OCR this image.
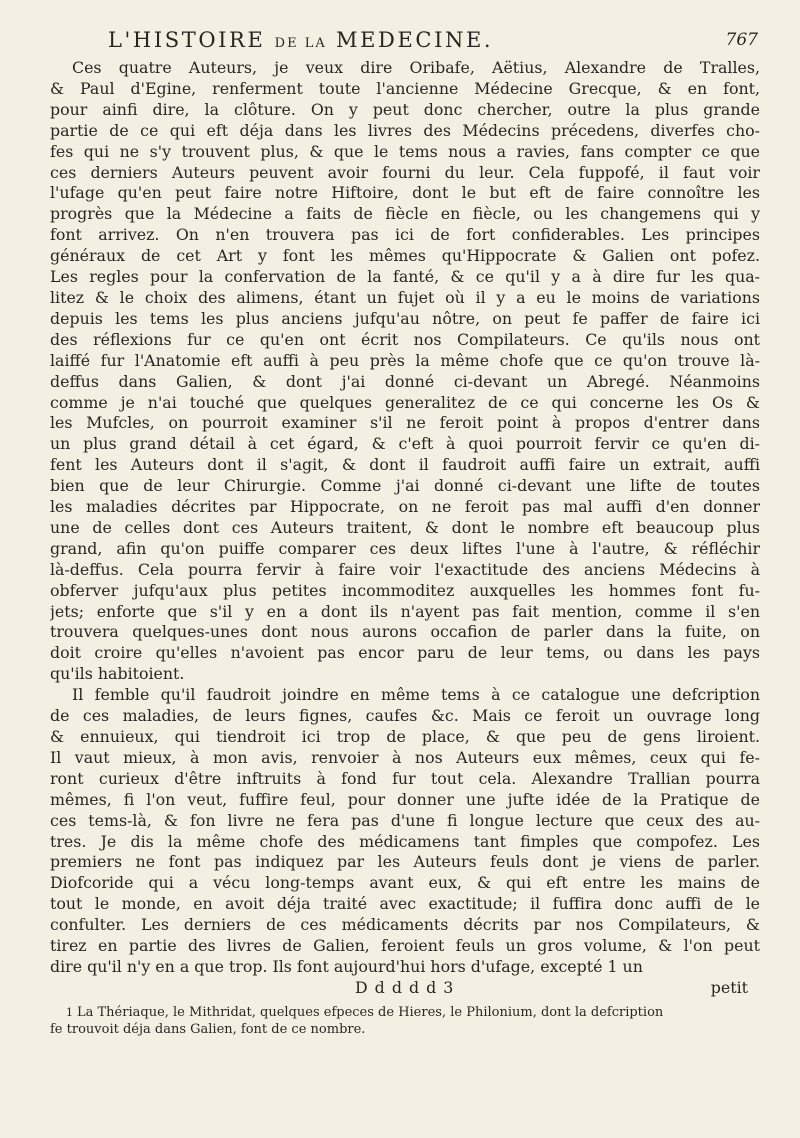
L'HISTOIRE DE LA MEDECINE.	767
Ces quatre Auteurs, je veux dire Oribafe, Aëtius, Alexandre de Tralles,
& Paul d'Egine, renferment toute l'ancienne Médecine Grecque, & en font,
pour ainfi dire, la clôture. On y peut donc chercher, outre la plus grande
partie de ce qui eft déja dans les livres des Médecins précedens, diverfes cho-
fes qui ne s'y trouvent plus, & que le tems nous a ravies, fans compter ce que
ces derniers Auteurs peuvent avoir fourni du leur. Cela fuppofé, il faut voir
l'ufage qu'en peut faire notre Hiftoire, dont le but eft de faire connoître les
progrès que la Médecine a faits de fiècle en fiècle, ou les changemens qui y
font arrivez. On n'en trouvera pas ici de fort confiderables. Les principes
généraux de cet Art y font les mêmes qu'Hippocrate & Galien ont pofez.
Les regles pour la confervation de la fanté, & ce qu'il y a à dire fur les qua-
litez & le choix des alimens, étant un fujet où il y a eu le moins de variations
depuis les tems les plus anciens jufqu'au nôtre, on peut fe paffer de faire ici
des réflexions fur ce qu'en ont écrit nos Compilateurs. Ce qu'ils nous ont
laiffé fur l'Anatomie eft auffi à peu près la même chofe que ce qu'on trouve là-
deffus dans Galien, & dont j'ai donné ci-devant un Abregé. Néanmoins
comme je n'ai touché que quelques generalitez de ce qui concerne les Os &
les Mufcles, on pourroit examiner s'il ne feroit point à propos d'entrer dans
un plus grand détail à cet égard, & c'eft à quoi pourroit fervir ce qu'en di-
fent les Auteurs dont il s'agit, & dont il faudroit auffi faire un extrait, auffi
bien que de leur Chirurgie. Comme j'ai donné ci-devant une lifte de toutes
les maladies décrites par Hippocrate, on ne feroit pas mal auffi d'en donner
une de celles dont ces Auteurs traitent, & dont le nombre eft beaucoup plus
grand, afin qu'on puiffe comparer ces deux liftes l'une à l'autre, & réfléchir
là-deffus. Cela pourra fervir à faire voir l'exactitude des anciens Médecins à
obferver jufqu'aux plus petites incommoditez auxquelles les hommes font fu-
jets; enforte que s'il y en a dont ils n'ayent pas fait mention, comme il s'en
trouvera quelques-unes dont nous aurons occafion de parler dans la fuite, on
doit croire qu'elles n'avoient pas encor paru de leur tems, ou dans les pays
qu'ils habitoient.
Il femble qu'il faudroit joindre en même tems à ce catalogue une defcription
de ces maladies, de leurs fignes, caufes &c. Mais ce feroit un ouvrage long
& ennuieux, qui tiendroit ici trop de place, & que peu de gens liroient.
Il vaut mieux, à mon avis, renvoier à nos Auteurs eux mêmes, ceux qui fe-
ront curieux d'être inftruits à fond fur tout cela. Alexandre Trallian pourra
mêmes, fi l'on veut, fuffire feul, pour donner une jufte idée de la Pratique de
ces tems-là, & fon livre ne fera pas d'une fi longue lecture que ceux des au-
tres. Je dis la même chofe des médicamens tant fimples que compofez. Les
premiers ne font pas indiquez par les Auteurs feuls dont je viens de parler.
Diofcoride qui a vécu long-temps avant eux, & qui eft entre les mains de
tout le monde, en avoit déja traité avec exactitude; il fuffira donc auffi de le
confulter. Les derniers de ces médicaments décrits par nos Compilateurs, &
tirez en partie des livres de Galien, feroient feuls un gros volume, & l'on peut
dire qu'il n'y en a que trop. Ils font aujourd'hui hors d'ufage, excepté 1 un
D d d d d 3	petit
1 La Thériaque, le Mithridat, quelques efpeces de Hieres, le Philonium, dont la defcription
fe trouvoit déja dans Galien, font de ce nombre.
